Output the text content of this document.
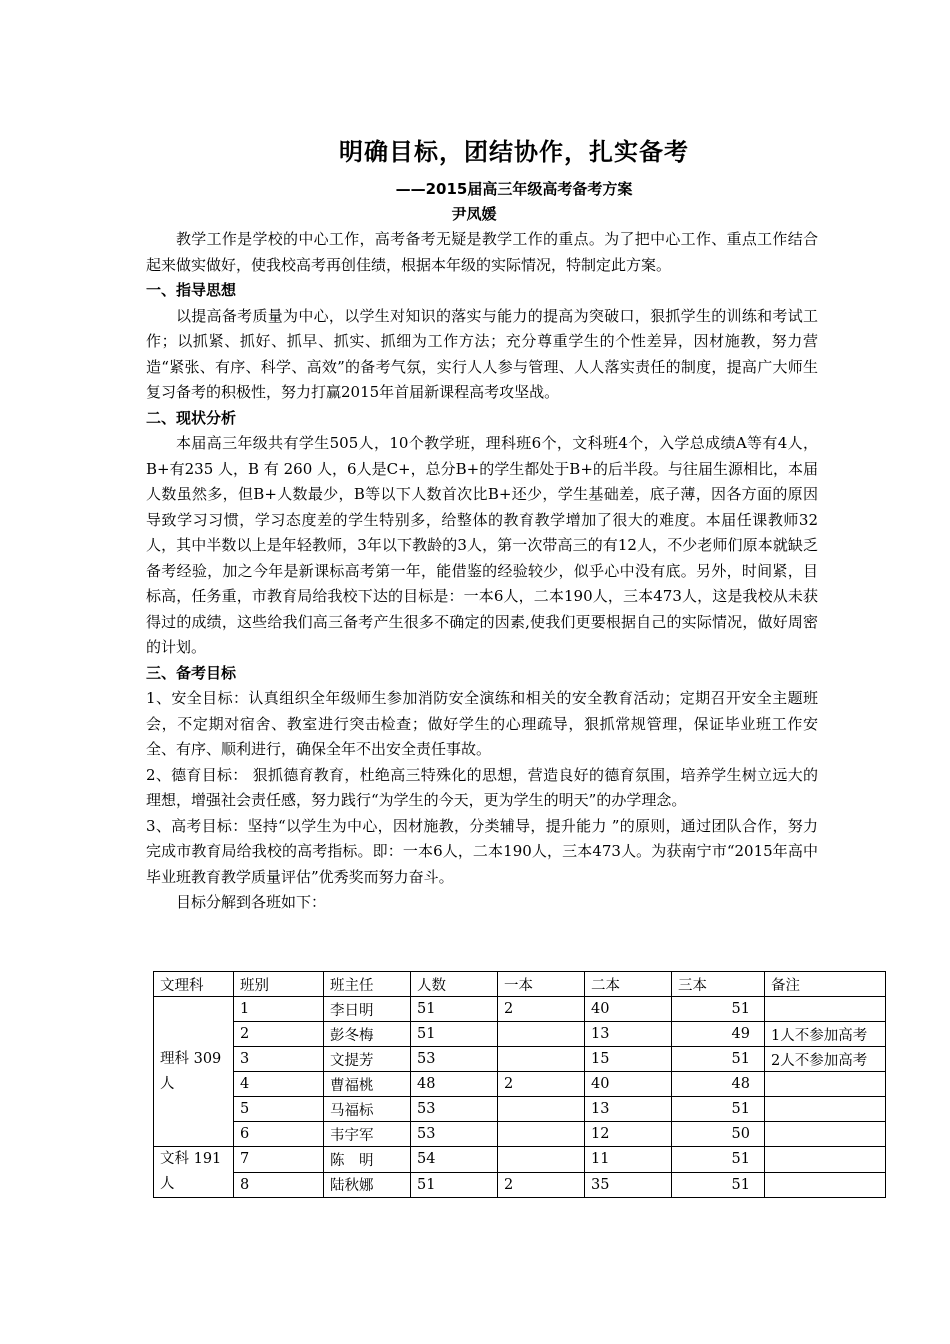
明确目标，团结协作，扎实备考
——2015届高三年级高考备考方案
尹凤媛

教学工作是学校的中心工作，高考备考无疑是教学工作的重点。为了把中心工作、重点工作结合起来做实做好，使我校高考再创佳绩，根据本年级的实际情况，特制定此方案。

一、指导思想

以提高备考质量为中心，以学生对知识的落实与能力的提高为突破口，狠抓学生的训练和考试工作；以抓紧、抓好、抓早、抓实、抓细为工作方法；充分尊重学生的个性差异，因材施教，努力营造“紧张、有序、科学、高效”的备考气氛，实行人人参与管理、人人落实责任的制度，提高广大师生复习备考的积极性，努力打赢2015年首届新课程高考攻坚战。

二、现状分析

本届高三年级共有学生505人，10个教学班，理科班6个，文科班4个，入学总成绩A等有4人，B+有235 人，B 有 260 人，6人是C+，总分B+的学生都处于B+的后半段。与往届生源相比，本届人数虽然多，但B+人数最少，B等以下人数首次比B+还少，学生基础差，底子薄，因各方面的原因导致学习习惯，学习态度差的学生特别多，给整体的教育教学增加了很大的难度。本届任课教师32人，其中半数以上是年轻教师，3年以下教龄的3人，第一次带高三的有12人，不少老师们原本就缺乏备考经验，加之今年是新课标高考第一年，能借鉴的经验较少，似乎心中没有底。另外，时间紧，目标高，任务重，市教育局给我校下达的目标是：一本6人，二本190人，三本473人，这是我校从未获得过的成绩，这些给我们高三备考产生很多不确定的因素,使我们更要根据自己的实际情况，做好周密的计划。

三、备考目标

1、安全目标：认真组织全年级师生参加消防安全演练和相关的安全教育活动；定期召开安全主题班会，不定期对宿舍、教室进行突击检查；做好学生的心理疏导，狠抓常规管理，保证毕业班工作安全、有序、顺利进行，确保全年不出安全责任事故。

2、德育目标： 狠抓德育教育，杜绝高三特殊化的思想，营造良好的德育氛围，培养学生树立远大的理想，增强社会责任感，努力践行“为学生的今天，更为学生的明天”的办学理念。

3、高考目标：坚持“以学生为中心，因材施教，分类辅导，提升能力 ”的原则，通过团队合作，努力完成市教育局给我校的高考指标。即：一本6人，二本190人，三本473人。为获南宁市“2015年高中毕业班教育教学质量评估”优秀奖而努力奋斗。

目标分解到各班如下：

文理科	班别	班主任	人数	一本	二本	三本	备注
理科 309 人	1	李日明	51	2	40	51	
	2	彭冬梅	51		13	49	1人不参加高考
	3	文提芳	53		15	51	2人不参加高考
	4	曹福桃	48	2	40	48	
	5	马福标	53		13	51	
	6	韦宇军	53		12	50	
文科 191 人	7	陈　明	54		11	51	
	8	陆秋娜	51	2	35	51	
